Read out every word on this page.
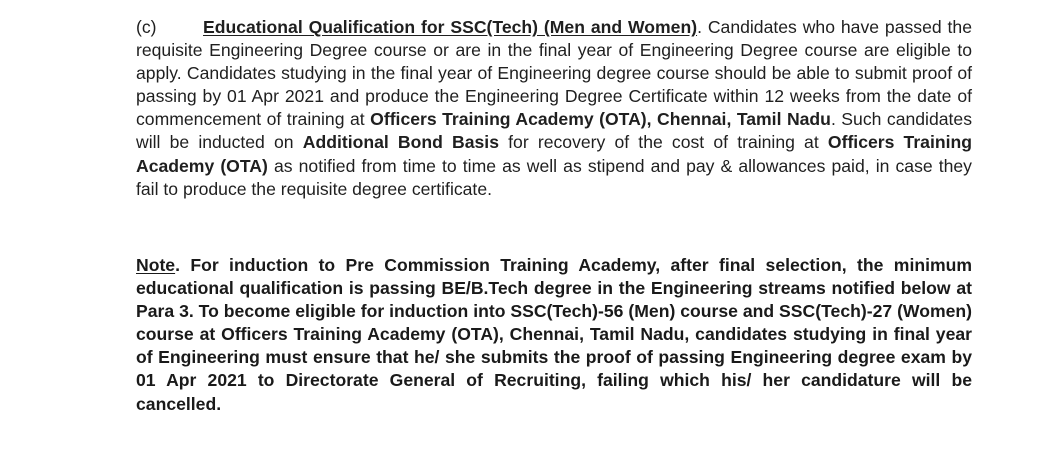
(c)	Educational Qualification for SSC(Tech) (Men and Women). Candidates who have passed the requisite Engineering Degree course or are in the final year of Engineering Degree course are eligible to apply. Candidates studying in the final year of Engineering degree course should be able to submit proof of passing by 01 Apr 2021 and produce the Engineering Degree Certificate within 12 weeks from the date of commencement of training at Officers Training Academy (OTA), Chennai, Tamil Nadu. Such candidates will be inducted on Additional Bond Basis for recovery of the cost of training at Officers Training Academy (OTA) as notified from time to time as well as stipend and pay & allowances paid, in case they fail to produce the requisite degree certificate.
Note. For induction to Pre Commission Training Academy, after final selection, the minimum educational qualification is passing BE/B.Tech degree in the Engineering streams notified below at Para 3. To become eligible for induction into SSC(Tech)-56 (Men) course and SSC(Tech)-27 (Women) course at Officers Training Academy (OTA), Chennai, Tamil Nadu, candidates studying in final year of Engineering must ensure that he/ she submits the proof of passing Engineering degree exam by 01 Apr 2021 to Directorate General of Recruiting, failing which his/ her candidature will be cancelled.
